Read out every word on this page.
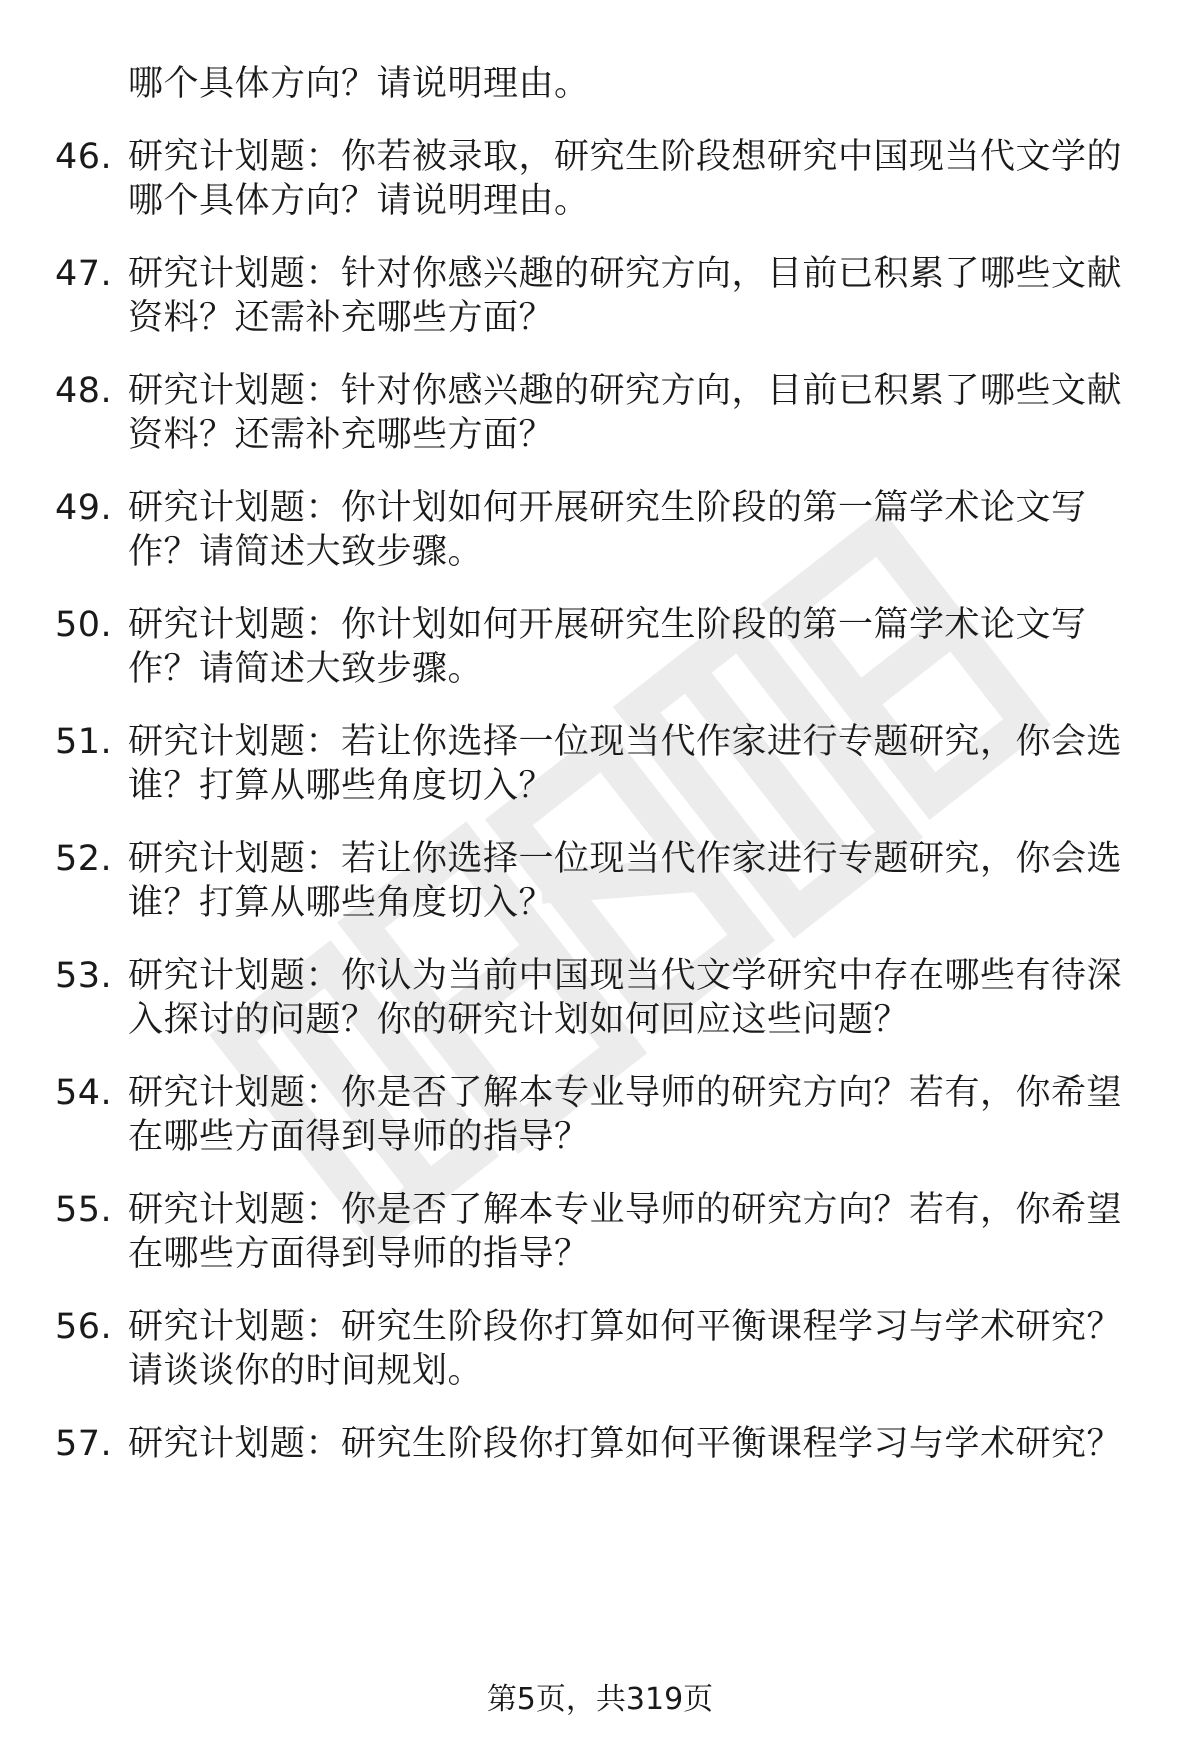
哪个具体方向？请说明理由。
46. 研究计划题：你若被录取，研究生阶段想研究中国现当代文学的
哪个具体方向？请说明理由。
47. 研究计划题：针对你感兴趣的研究方向，目前已积累了哪些文献
资料？还需补充哪些方面？
48. 研究计划题：针对你感兴趣的研究方向，目前已积累了哪些文献
资料？还需补充哪些方面？
49. 研究计划题：你计划如何开展研究生阶段的第一篇学术论文写
作？请简述大致步骤。
50. 研究计划题：你计划如何开展研究生阶段的第一篇学术论文写
作？请简述大致步骤。
51. 研究计划题：若让你选择一位现当代作家进行专题研究，你会选
谁？打算从哪些角度切入？
52. 研究计划题：若让你选择一位现当代作家进行专题研究，你会选
谁？打算从哪些角度切入？
53. 研究计划题：你认为当前中国现当代文学研究中存在哪些有待深
入探讨的问题？你的研究计划如何回应这些问题？
54. 研究计划题：你是否了解本专业导师的研究方向？若有，你希望
在哪些方面得到导师的指导？
55. 研究计划题：你是否了解本专业导师的研究方向？若有，你希望
在哪些方面得到导师的指导？
56. 研究计划题：研究生阶段你打算如何平衡课程学习与学术研究？
请谈谈你的时间规划。
57. 研究计划题：研究生阶段你打算如何平衡课程学习与学术研究？
第5页，共319页
